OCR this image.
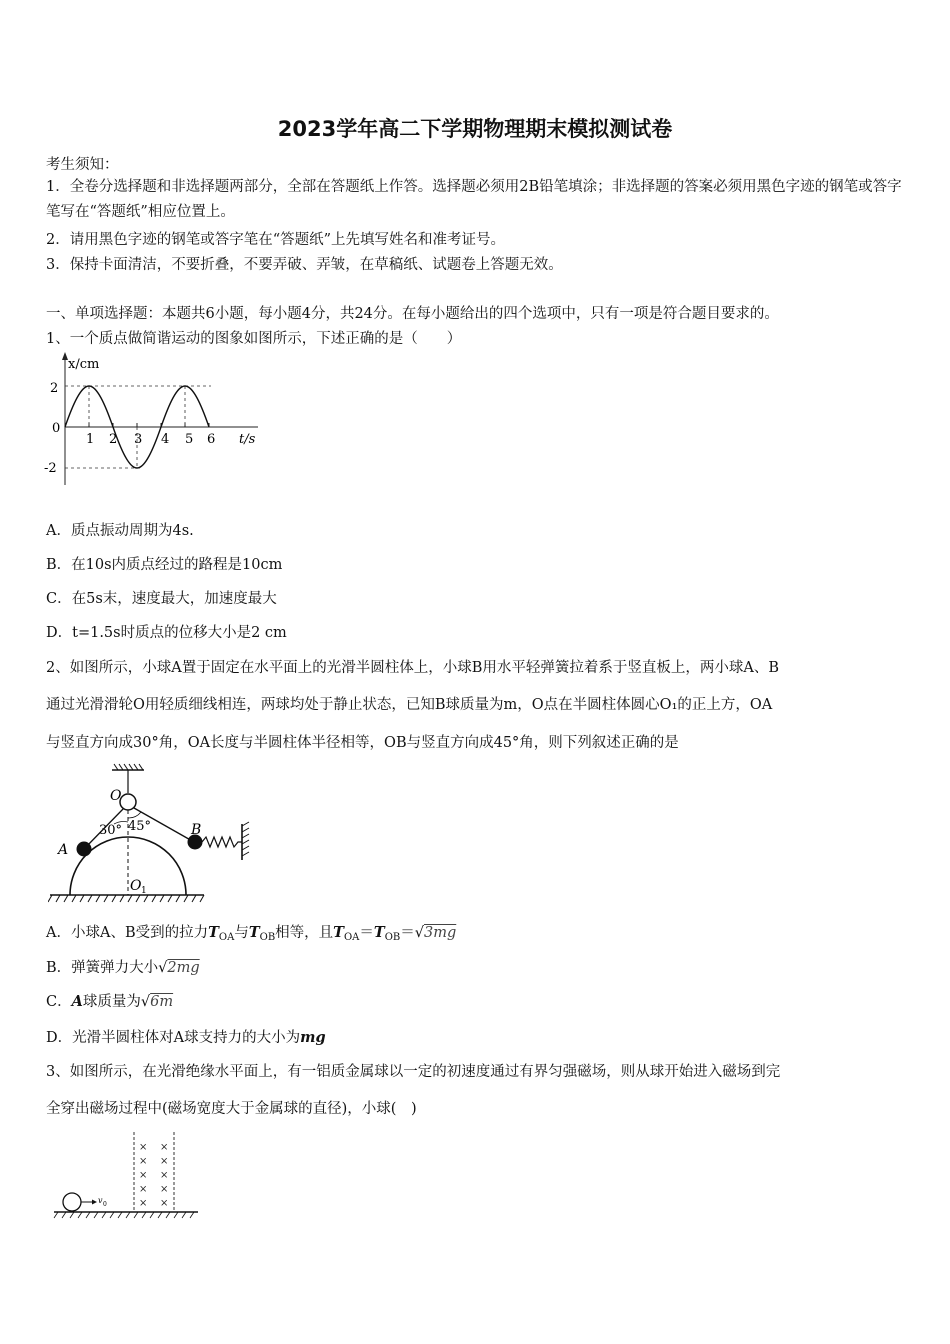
2023学年高二下学期物理期末模拟测试卷
考生须知：
1．全卷分选择题和非选择题两部分，全部在答题纸上作答。选择题必须用2B铅笔填涂；非选择题的答案必须用黑色字迹的钢笔或答字笔写在“答题纸”相应位置上。
2．请用黑色字迹的钢笔或答字笔在“答题纸”上先填写姓名和准考证号。
3．保持卡面清洁，不要折叠，不要弄破、弄皱，在草稿纸、试题卷上答题无效。
一、单项选择题：本题共6小题，每小题4分，共24分。在每小题给出的四个选项中，只有一项是符合题目要求的。
1、一个质点做简谐运动的图象如图所示，下述正确的是（　　）
x/cm
2
0
-2
1 2 3 4 5 6 t/s
A．质点振动周期为4s.
B．在10s内质点经过的路程是10cm
C．在5s末，速度最大，加速度最大
D．t=1.5s时质点的位移大小是2 cm
2、如图所示，小球A置于固定在水平面上的光滑半圆柱体上，小球B用水平轻弹簧拉着系于竖直板上，两小球A、B
通过光滑滑轮O用轻质细线相连，两球均处于静止状态，已知B球质量为m，O点在半圆柱体圆心O₁的正上方，OA
与竖直方向成30°角，OA长度与半圆柱体半径相等，OB与竖直方向成45°角，则下列叙述正确的是
O
A
B
30° 45°
O 1
A．小球A、B受到的拉力$T_{OA}$与$T_{OB}$相等，且$T_{OA}=T_{OB}=√3mg$
B．弹簧弹力大小√2mg
C．A球质量为√6m
D．光滑半圆柱体对A球支持力的大小为mg
3、如图所示，在光滑绝缘水平面上，有一铝质金属球以一定的初速度通过有界匀强磁场，则从球开始进入磁场到完
全穿出磁场过程中(磁场宽度大于金属球的直径)，小球(　)
× ×
× ×
× ×
× ×
× ×
v 0
